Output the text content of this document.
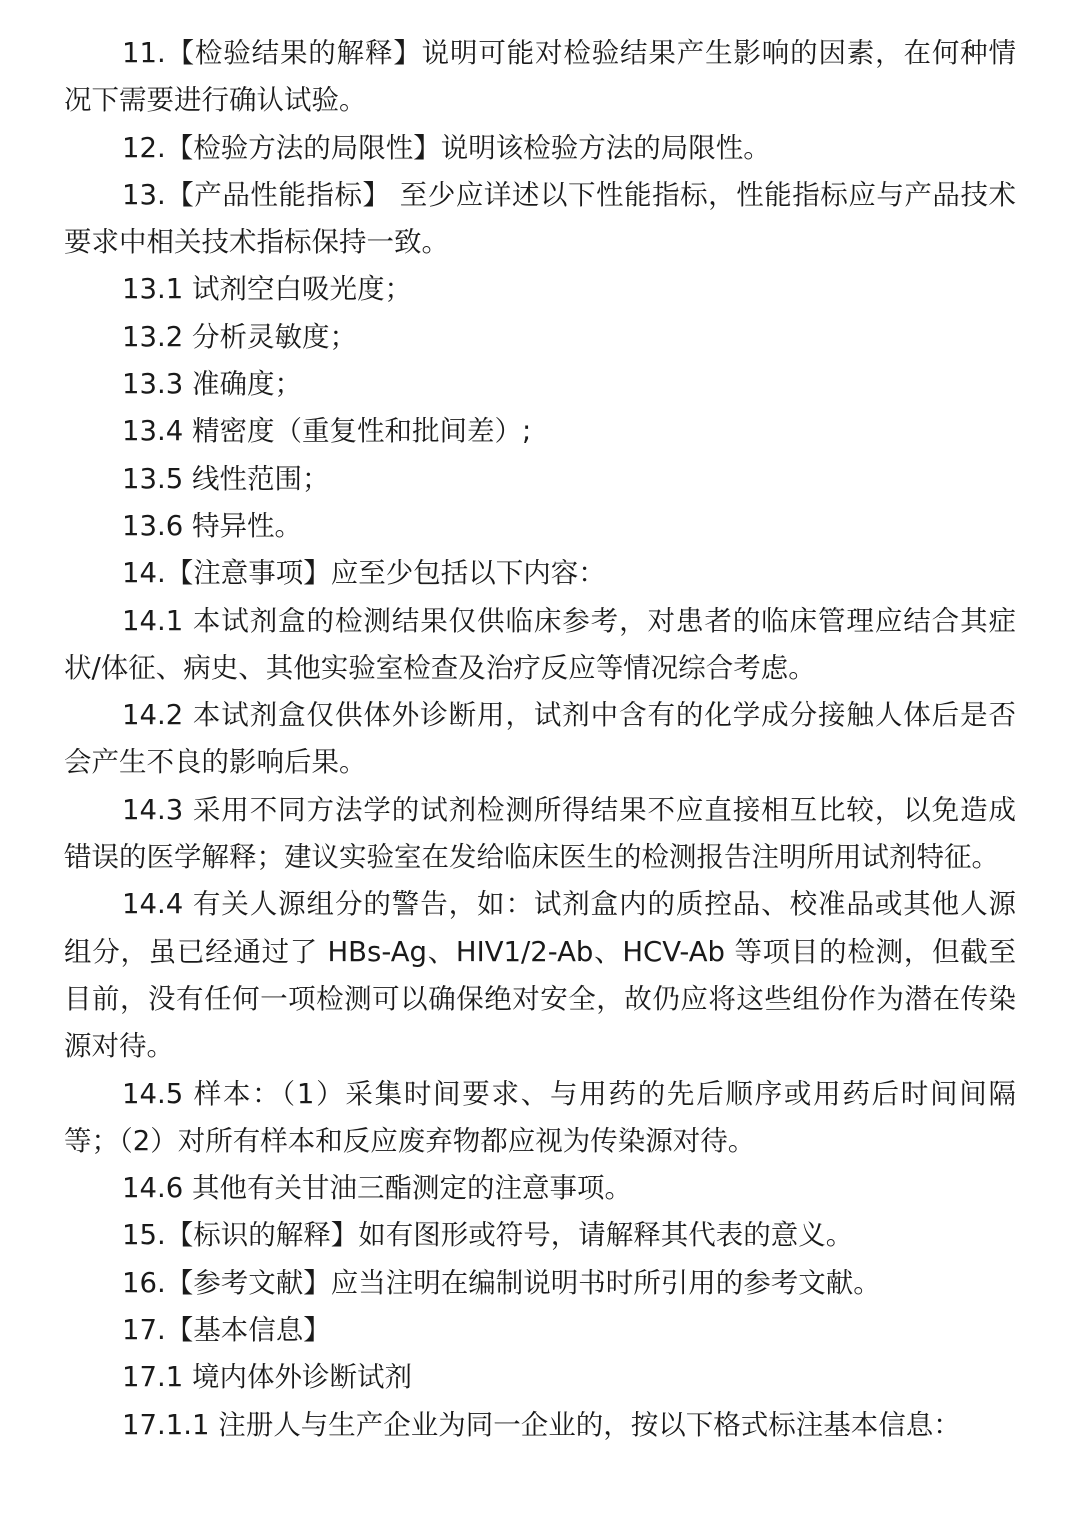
11.【检验结果的解释】说明可能对检验结果产生影响的因素，在何种情况下需要进行确认试验。

12.【检验方法的局限性】说明该检验方法的局限性。

13.【产品性能指标】 至少应详述以下性能指标，性能指标应与产品技术要求中相关技术指标保持一致。

13.1 试剂空白吸光度；

13.2 分析灵敏度；

13.3 准确度；

13.4 精密度（重复性和批间差）;

13.5 线性范围；

13.6 特异性。

14.【注意事项】应至少包括以下内容：

14.1 本试剂盒的检测结果仅供临床参考，对患者的临床管理应结合其症状/体征、病史、其他实验室检查及治疗反应等情况综合考虑。

14.2 本试剂盒仅供体外诊断用，试剂中含有的化学成分接触人体后是否会产生不良的影响后果。

14.3 采用不同方法学的试剂检测所得结果不应直接相互比较，以免造成错误的医学解释；建议实验室在发给临床医生的检测报告注明所用试剂特征。

14.4 有关人源组分的警告，如：试剂盒内的质控品、校准品或其他人源组分，虽已经通过了 HBs-Ag、HIV1/2-Ab、HCV-Ab 等项目的检测，但截至目前，没有任何一项检测可以确保绝对安全，故仍应将这些组份作为潜在传染源对待。

14.5 样本：（1）采集时间要求、与用药的先后顺序或用药后时间间隔等；（2）对所有样本和反应废弃物都应视为传染源对待。

14.6 其他有关甘油三酯测定的注意事项。

15.【标识的解释】如有图形或符号，请解释其代表的意义。

16.【参考文献】应当注明在编制说明书时所引用的参考文献。

17.【基本信息】

17.1 境内体外诊断试剂

17.1.1 注册人与生产企业为同一企业的，按以下格式标注基本信息：
